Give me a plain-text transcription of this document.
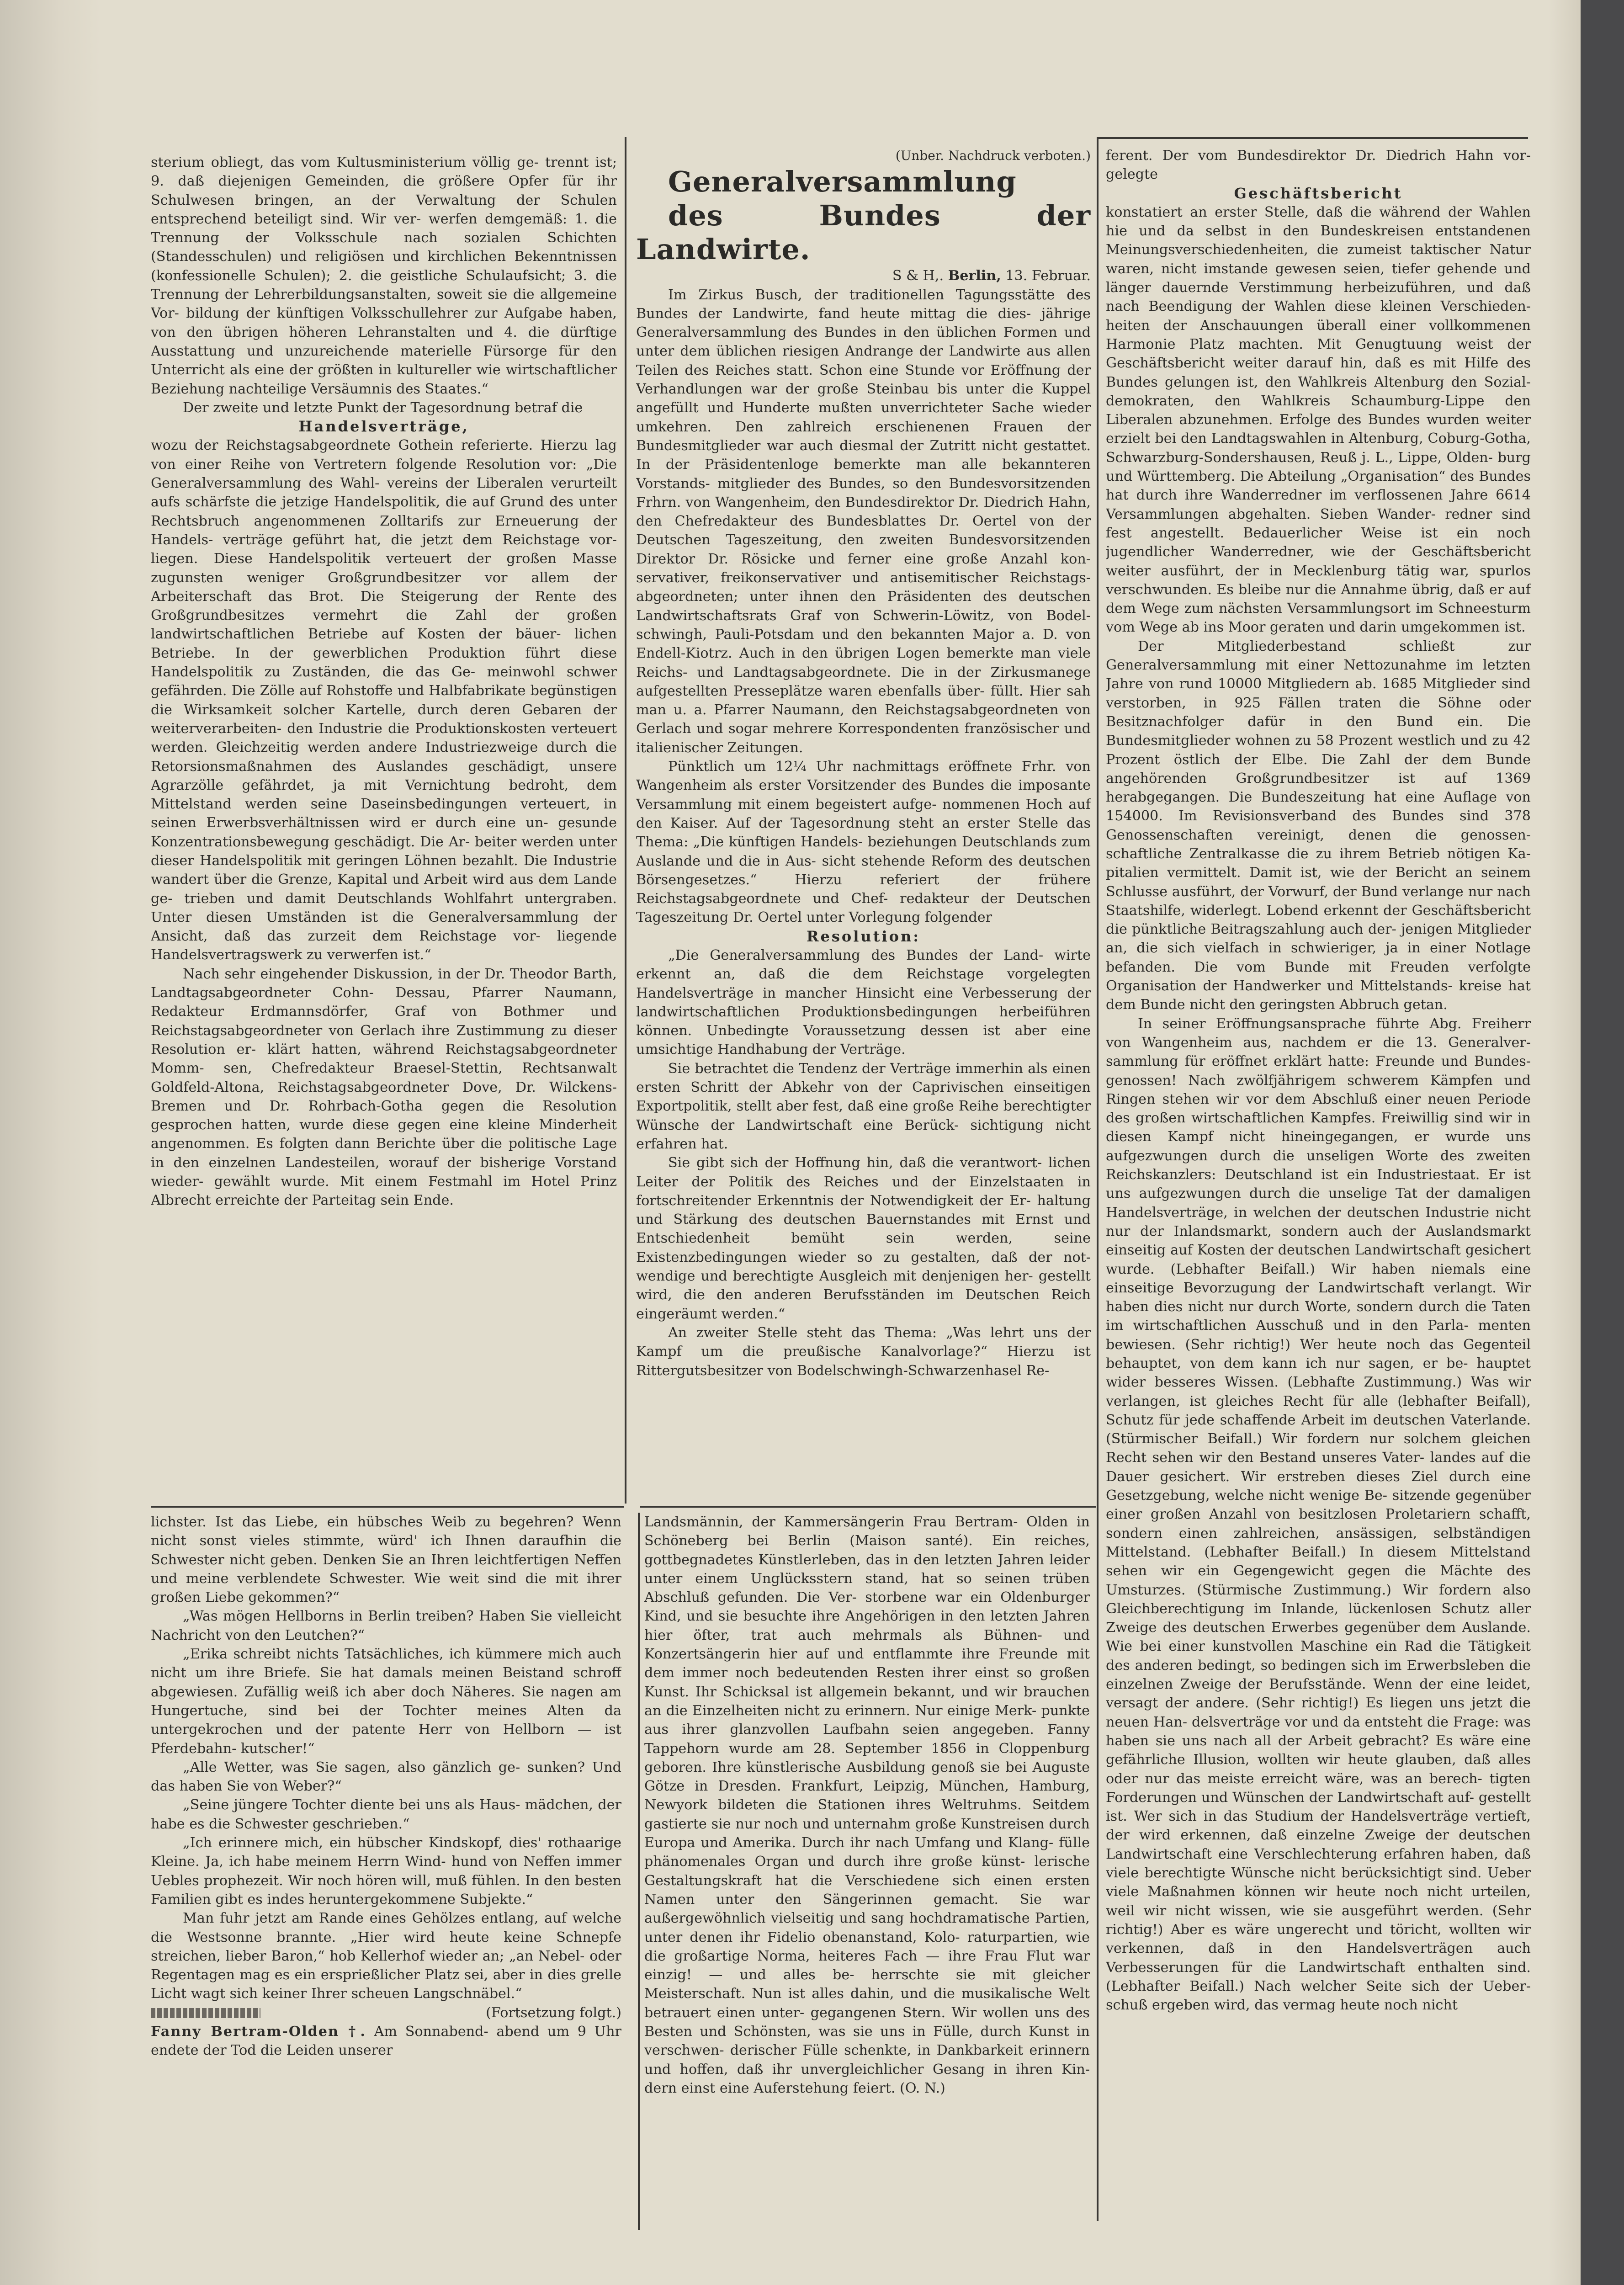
sterium obliegt, das vom Kultusministerium völlig ge- trennt ist; 9. daß diejenigen Gemeinden, die größere Opfer für ihr Schulwesen bringen, an der Verwaltung der Schulen entsprechend beteiligt sind. Wir ver- werfen demgemäß: 1. die Trennung der Volksschule nach sozialen Schichten (Standesschulen) und religiösen und kirchlichen Bekenntnissen (konfessionelle Schulen); 2. die geistliche Schulaufsicht; 3. die Trennung der Lehrerbildungsanstalten, soweit sie die allgemeine Vor- bildung der künftigen Volksschullehrer zur Aufgabe haben, von den übrigen höheren Lehranstalten und 4. die dürftige Ausstattung und unzureichende materielle Fürsorge für den Unterricht als eine der größten in kultureller wie wirtschaftlicher Beziehung nachteilige Versäumnis des Staates.“

Der zweite und letzte Punkt der Tagesordnung betraf die

Handelsverträge,

wozu der Reichstagsabgeordnete Gothein referierte. Hierzu lag von einer Reihe von Vertretern folgende Resolution vor: „Die Generalversammlung des Wahl- vereins der Liberalen verurteilt aufs schärfste die jetzige Handelspolitik, die auf Grund des unter Rechtsbruch angenommenen Zolltarifs zur Erneuerung der Handels- verträge geführt hat, die jetzt dem Reichstage vor- liegen. Diese Handelspolitik verteuert der großen Masse zugunsten weniger Großgrundbesitzer vor allem der Arbeiterschaft das Brot. Die Steigerung der Rente des Großgrundbesitzes vermehrt die Zahl der großen landwirtschaftlichen Betriebe auf Kosten der bäuer- lichen Betriebe. In der gewerblichen Produktion führt diese Handelspolitik zu Zuständen, die das Ge- meinwohl schwer gefährden. Die Zölle auf Rohstoffe und Halbfabrikate begünstigen die Wirksamkeit solcher Kartelle, durch deren Gebaren der weiterverarbeiten- den Industrie die Produktionskosten verteuert werden. Gleichzeitig werden andere Industriezweige durch die Retorsionsmaßnahmen des Auslandes geschädigt, unsere Agrarzölle gefährdet, ja mit Vernichtung bedroht, dem Mittelstand werden seine Daseinsbedingungen verteuert, in seinen Erwerbsverhältnissen wird er durch eine un- gesunde Konzentrationsbewegung geschädigt. Die Ar- beiter werden unter dieser Handelspolitik mit geringen Löhnen bezahlt. Die Industrie wandert über die Grenze, Kapital und Arbeit wird aus dem Lande ge- trieben und damit Deutschlands Wohlfahrt untergraben. Unter diesen Umständen ist die Generalversammlung der Ansicht, daß das zurzeit dem Reichstage vor- liegende Handelsvertragswerk zu verwerfen ist.“

Nach sehr eingehender Diskussion, in der Dr. Theodor Barth, Landtagsabgeordneter Cohn- Dessau, Pfarrer Naumann, Redakteur Erdmannsdörfer, Graf von Bothmer und Reichstagsabgeordneter von Gerlach ihre Zustimmung zu dieser Resolution er- klärt hatten, während Reichstagsabgeordneter Momm- sen, Chefredakteur Braesel-Stettin, Rechtsanwalt Goldfeld-Altona, Reichstagsabgeordneter Dove, Dr. Wilckens-Bremen und Dr. Rohrbach-Gotha gegen die Resolution gesprochen hatten, wurde diese gegen eine kleine Minderheit angenommen. Es folgten dann Berichte über die politische Lage in den einzelnen Landesteilen, worauf der bisherige Vorstand wieder- gewählt wurde. Mit einem Festmahl im Hotel Prinz Albrecht erreichte der Parteitag sein Ende.

(Unber. Nachdruck verboten.)

Generalversammlung

des Bundes der Landwirte.

S & H,. Berlin, 13. Februar.

Im Zirkus Busch, der traditionellen Tagungsstätte des Bundes der Landwirte, fand heute mittag die dies- jährige Generalversammlung des Bundes in den üblichen Formen und unter dem üblichen riesigen Andrange der Landwirte aus allen Teilen des Reiches statt. Schon eine Stunde vor Eröffnung der Verhandlungen war der große Steinbau bis unter die Kuppel angefüllt und Hunderte mußten unverrichteter Sache wieder umkehren. Den zahlreich erschienenen Frauen der Bundesmitglieder war auch diesmal der Zutritt nicht gestattet. In der Präsidentenloge bemerkte man alle bekannteren Vorstands- mitglieder des Bundes, so den Bundesvorsitzenden Frhrn. von Wangenheim, den Bundesdirektor Dr. Diedrich Hahn, den Chefredakteur des Bundesblattes Dr. Oertel von der Deutschen Tageszeitung, den zweiten Bundesvorsitzenden Direktor Dr. Rösicke und ferner eine große Anzahl kon- servativer, freikonservativer und antisemitischer Reichstags- abgeordneten; unter ihnen den Präsidenten des deutschen Landwirtschaftsrats Graf von Schwerin-Löwitz, von Bodel- schwingh, Pauli-Potsdam und den bekannten Major a. D. von Endell-Kiotrz. Auch in den übrigen Logen bemerkte man viele Reichs- und Landtagsabgeordnete. Die in der Zirkusmanege aufgestellten Presseplätze waren ebenfalls über- füllt. Hier sah man u. a. Pfarrer Naumann, den Reichstagsabgeordneten von Gerlach und sogar mehrere Korrespondenten französischer und italienischer Zeitungen.

Pünktlich um 12¼ Uhr nachmittags eröffnete Frhr. von Wangenheim als erster Vorsitzender des Bundes die imposante Versammlung mit einem begeistert aufge- nommenen Hoch auf den Kaiser. Auf der Tagesordnung steht an erster Stelle das Thema: „Die künftigen Handels- beziehungen Deutschlands zum Auslande und die in Aus- sicht stehende Reform des deutschen Börsengesetzes.“ Hierzu referiert der frühere Reichstagsabgeordnete und Chef- redakteur der Deutschen Tageszeitung Dr. Oertel unter Vorlegung folgender

Resolution:

„Die Generalversammlung des Bundes der Land- wirte erkennt an, daß die dem Reichstage vorgelegten Handelsverträge in mancher Hinsicht eine Verbesserung der landwirtschaftlichen Produktionsbedingungen herbeiführen können. Unbedingte Voraussetzung dessen ist aber eine umsichtige Handhabung der Verträge.

Sie betrachtet die Tendenz der Verträge immerhin als einen ersten Schritt der Abkehr von der Caprivischen einseitigen Exportpolitik, stellt aber fest, daß eine große Reihe berechtigter Wünsche der Landwirtschaft eine Berück- sichtigung nicht erfahren hat.

Sie gibt sich der Hoffnung hin, daß die verantwort- lichen Leiter der Politik des Reiches und der Einzelstaaten in fortschreitender Erkenntnis der Notwendigkeit der Er- haltung und Stärkung des deutschen Bauernstandes mit Ernst und Entschiedenheit bemüht sein werden, seine Existenzbedingungen wieder so zu gestalten, daß der not- wendige und berechtigte Ausgleich mit denjenigen her- gestellt wird, die den anderen Berufsständen im Deutschen Reich eingeräumt werden.“

An zweiter Stelle steht das Thema: „Was lehrt uns der Kampf um die preußische Kanalvorlage?“ Hierzu ist Rittergutsbesitzer von Bodelschwingh-Schwarzenhasel Re-

ferent. Der vom Bundesdirektor Dr. Diedrich Hahn vor- gelegte

Geschäftsbericht

konstatiert an erster Stelle, daß die während der Wahlen hie und da selbst in den Bundeskreisen entstandenen Meinungsverschiedenheiten, die zumeist taktischer Natur waren, nicht imstande gewesen seien, tiefer gehende und länger dauernde Verstimmung herbeizuführen, und daß nach Beendigung der Wahlen diese kleinen Verschieden- heiten der Anschauungen überall einer vollkommenen Harmonie Platz machten. Mit Genugtuung weist der Geschäftsbericht weiter darauf hin, daß es mit Hilfe des Bundes gelungen ist, den Wahlkreis Altenburg den Sozial- demokraten, den Wahlkreis Schaumburg-Lippe den Liberalen abzunehmen. Erfolge des Bundes wurden weiter erzielt bei den Landtagswahlen in Altenburg, Coburg-Gotha, Schwarzburg-Sondershausen, Reuß j. L., Lippe, Olden- burg und Württemberg. Die Abteilung „Organisation“ des Bundes hat durch ihre Wanderredner im verflossenen Jahre 6614 Versammlungen abgehalten. Sieben Wander- redner sind fest angestellt. Bedauerlicher Weise ist ein noch jugendlicher Wanderredner, wie der Geschäftsbericht weiter ausführt, der in Mecklenburg tätig war, spurlos verschwunden. Es bleibe nur die Annahme übrig, daß er auf dem Wege zum nächsten Versammlungsort im Schneesturm vom Wege ab ins Moor geraten und darin umgekommen ist.

Der Mitgliederbestand schließt zur Generalversammlung mit einer Nettozunahme im letzten Jahre von rund 10000 Mitgliedern ab. 1685 Mitglieder sind verstorben, in 925 Fällen traten die Söhne oder Besitznachfolger dafür in den Bund ein. Die Bundesmitglieder wohnen zu 58 Prozent westlich und zu 42 Prozent östlich der Elbe. Die Zahl der dem Bunde angehörenden Großgrundbesitzer ist auf 1369 herabgegangen. Die Bundeszeitung hat eine Auflage von 154000. Im Revisionsverband des Bundes sind 378 Genossenschaften vereinigt, denen die genossen- schaftliche Zentralkasse die zu ihrem Betrieb nötigen Ka- pitalien vermittelt. Damit ist, wie der Bericht an seinem Schlusse ausführt, der Vorwurf, der Bund verlange nur nach Staatshilfe, widerlegt. Lobend erkennt der Geschäftsbericht die pünktliche Beitragszahlung auch der- jenigen Mitglieder an, die sich vielfach in schwieriger, ja in einer Notlage befanden. Die vom Bunde mit Freuden verfolgte Organisation der Handwerker und Mittelstands- kreise hat dem Bunde nicht den geringsten Abbruch getan.

In seiner Eröffnungsansprache führte Abg. Freiherr von Wangenheim aus, nachdem er die 13. Generalver- sammlung für eröffnet erklärt hatte: Freunde und Bundes- genossen! Nach zwölfjährigem schwerem Kämpfen und Ringen stehen wir vor dem Abschluß einer neuen Periode des großen wirtschaftlichen Kampfes. Freiwillig sind wir in diesen Kampf nicht hineingegangen, er wurde uns aufgezwungen durch die unseligen Worte des zweiten Reichskanzlers: Deutschland ist ein Industriestaat. Er ist uns aufgezwungen durch die unselige Tat der damaligen Handelsverträge, in welchen der deutschen Industrie nicht nur der Inlandsmarkt, sondern auch der Auslandsmarkt einseitig auf Kosten der deutschen Landwirtschaft gesichert wurde. (Lebhafter Beifall.) Wir haben niemals eine einseitige Bevorzugung der Landwirtschaft verlangt. Wir haben dies nicht nur durch Worte, sondern durch die Taten im wirtschaftlichen Ausschuß und in den Parla- menten bewiesen. (Sehr richtig!) Wer heute noch das Gegenteil behauptet, von dem kann ich nur sagen, er be- hauptet wider besseres Wissen. (Lebhafte Zustimmung.) Was wir verlangen, ist gleiches Recht für alle (lebhafter Beifall), Schutz für jede schaffende Arbeit im deutschen Vaterlande. (Stürmischer Beifall.) Wir fordern nur solchem gleichen Recht sehen wir den Bestand unseres Vater- landes auf die Dauer gesichert. Wir erstreben dieses Ziel durch eine Gesetzgebung, welche nicht wenige Be- sitzende gegenüber einer großen Anzahl von besitzlosen Proletariern schafft, sondern einen zahlreichen, ansässigen, selbständigen Mittelstand. (Lebhafter Beifall.) In diesem Mittelstand sehen wir ein Gegengewicht gegen die Mächte des Umsturzes. (Stürmische Zustimmung.) Wir fordern also Gleichberechtigung im Inlande, lückenlosen Schutz aller Zweige des deutschen Erwerbes gegenüber dem Auslande. Wie bei einer kunstvollen Maschine ein Rad die Tätigkeit des anderen bedingt, so bedingen sich im Erwerbsleben die einzelnen Zweige der Berufsstände. Wenn der eine leidet, versagt der andere. (Sehr richtig!) Es liegen uns jetzt die neuen Han- delsverträge vor und da entsteht die Frage: was haben sie uns nach all der Arbeit gebracht? Es wäre eine gefährliche Illusion, wollten wir heute glauben, daß alles oder nur das meiste erreicht wäre, was an berech- tigten Forderungen und Wünschen der Landwirtschaft auf- gestellt ist. Wer sich in das Studium der Handelsverträge vertieft, der wird erkennen, daß einzelne Zweige der deutschen Landwirtschaft eine Verschlechterung erfahren haben, daß viele berechtigte Wünsche nicht berücksichtigt sind. Ueber viele Maßnahmen können wir heute noch nicht urteilen, weil wir nicht wissen, wie sie ausgeführt werden. (Sehr richtig!) Aber es wäre ungerecht und töricht, wollten wir verkennen, daß in den Handelsverträgen auch Verbesserungen für die Landwirtschaft enthalten sind. (Lebhafter Beifall.) Nach welcher Seite sich der Ueber- schuß ergeben wird, das vermag heute noch nicht

lichster. Ist das Liebe, ein hübsches Weib zu begehren? Wenn nicht sonst vieles stimmte, würd' ich Ihnen daraufhin die Schwester nicht geben. Denken Sie an Ihren leichtfertigen Neffen und meine verblendete Schwester. Wie weit sind die mit ihrer großen Liebe gekommen?“

„Was mögen Hellborns in Berlin treiben? Haben Sie vielleicht Nachricht von den Leutchen?“

„Erika schreibt nichts Tatsächliches, ich kümmere mich auch nicht um ihre Briefe. Sie hat damals meinen Beistand schroff abgewiesen. Zufällig weiß ich aber doch Näheres. Sie nagen am Hungertuche, sind bei der Tochter meines Alten da untergekrochen und der patente Herr von Hellborn — ist Pferdebahn- kutscher!“

„Alle Wetter, was Sie sagen, also gänzlich ge- sunken? Und das haben Sie von Weber?“

„Seine jüngere Tochter diente bei uns als Haus- mädchen, der habe es die Schwester geschrieben.“

„Ich erinnere mich, ein hübscher Kindskopf, dies' rothaarige Kleine. Ja, ich habe meinem Herrn Wind- hund von Neffen immer Uebles prophezeit. Wir noch hören will, muß fühlen. In den besten Familien gibt es indes heruntergekommene Subjekte.“

Man fuhr jetzt am Rande eines Gehölzes entlang, auf welche die Westsonne brannte. „Hier wird heute keine Schnepfe streichen, lieber Baron,“ hob Kellerhof wieder an; „an Nebel- oder Regentagen mag es ein ersprießlicher Platz sei, aber in dies grelle Licht wagt sich keiner Ihrer scheuen Langschnäbel.“

(Fortsetzung folgt.)

Fanny Bertram-Olden †. Am Sonnabend- abend um 9 Uhr endete der Tod die Leiden unserer

Landsmännin, der Kammersängerin Frau Bertram- Olden in Schöneberg bei Berlin (Maison santé). Ein reiches, gottbegnadetes Künstlerleben, das in den letzten Jahren leider unter einem Unglücksstern stand, hat so seinen trüben Abschluß gefunden. Die Ver- storbene war ein Oldenburger Kind, und sie besuchte ihre Angehörigen in den letzten Jahren hier öfter, trat auch mehrmals als Bühnen- und Konzertsängerin hier auf und entflammte ihre Freunde mit dem immer noch bedeutenden Resten ihrer einst so großen Kunst. Ihr Schicksal ist allgemein bekannt, und wir brauchen an die Einzelheiten nicht zu erinnern. Nur einige Merk- punkte aus ihrer glanzvollen Laufbahn seien angegeben. Fanny Tappehorn wurde am 28. September 1856 in Cloppenburg geboren. Ihre künstlerische Ausbildung genoß sie bei Auguste Götze in Dresden. Frankfurt, Leipzig, München, Hamburg, Newyork bildeten die Stationen ihres Weltruhms. Seitdem gastierte sie nur noch und unternahm große Kunstreisen durch Europa und Amerika. Durch ihr nach Umfang und Klang- fülle phänomenales Organ und durch ihre große künst- lerische Gestaltungskraft hat die Verschiedene sich einen ersten Namen unter den Sängerinnen gemacht. Sie war außergewöhnlich vielseitig und sang hochdramatische Partien, unter denen ihr Fidelio obenanstand, Kolo- raturpartien, wie die großartige Norma, heiteres Fach — ihre Frau Flut war einzig! — und alles be- herrschte sie mit gleicher Meisterschaft. Nun ist alles dahin, und die musikalische Welt betrauert einen unter- gegangenen Stern. Wir wollen uns des Besten und Schönsten, was sie uns in Fülle, durch Kunst in verschwen- derischer Fülle schenkte, in Dankbarkeit erinnern und hoffen, daß ihr unvergleichlicher Gesang in ihren Kin- dern einst eine Auferstehung feiert. (O. N.)
